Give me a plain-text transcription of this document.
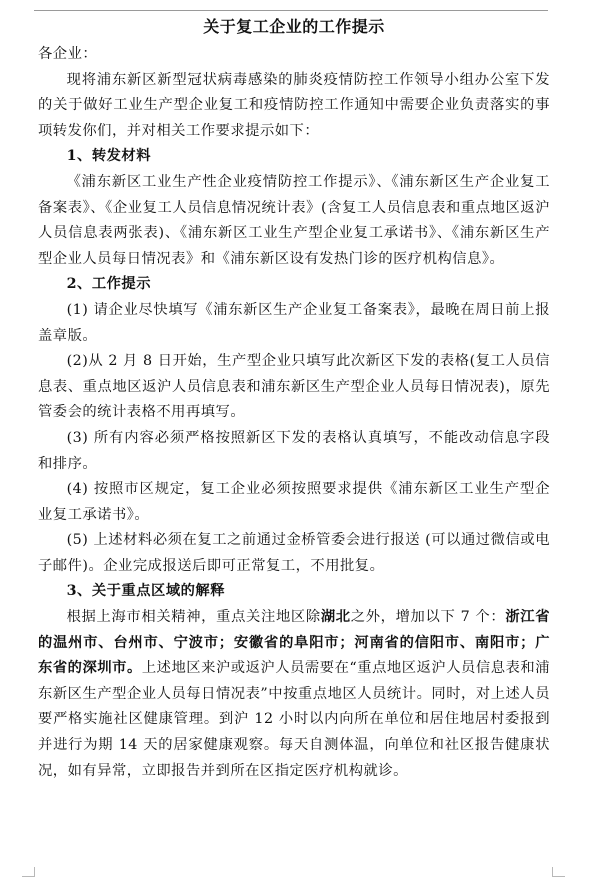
关于复工企业的工作提示

各企业：

现将浦东新区新型冠状病毒感染的肺炎疫情防控工作领导小组办公室下发的关于做好工业生产型企业复工和疫情防控工作通知中需要企业负责落实的事项转发你们，并对相关工作要求提示如下：

1、转发材料

《浦东新区工业生产性企业疫情防控工作提示》、《浦东新区生产企业复工备案表》、《企业复工人员信息情况统计表》(含复工人员信息表和重点地区返沪人员信息表两张表)、《浦东新区工业生产型企业复工承诺书》、《浦东新区生产型企业人员每日情况表》和《浦东新区设有发热门诊的医疗机构信息》。

2、工作提示

(1) 请企业尽快填写《浦东新区生产企业复工备案表》，最晚在周日前上报盖章版。

(2)从 2 月 8 日开始，生产型企业只填写此次新区下发的表格(复工人员信息表、重点地区返沪人员信息表和浦东新区生产型企业人员每日情况表)，原先管委会的统计表格不用再填写。

(3) 所有内容必须严格按照新区下发的表格认真填写，不能改动信息字段和排序。

(4) 按照市区规定，复工企业必须按照要求提供《浦东新区工业生产型企业复工承诺书》。

(5) 上述材料必须在复工之前通过金桥管委会进行报送 (可以通过微信或电子邮件)。企业完成报送后即可正常复工，不用批复。

3、关于重点区域的解释

根据上海市相关精神，重点关注地区除湖北之外，增加以下 7 个：浙江省的温州市、台州市、宁波市；安徽省的阜阳市；河南省的信阳市、南阳市；广东省的深圳市。上述地区来沪或返沪人员需要在“重点地区返沪人员信息表和浦东新区生产型企业人员每日情况表”中按重点地区人员统计。同时，对上述人员要严格实施社区健康管理。到沪 12 小时以内向所在单位和居住地居村委报到并进行为期 14 天的居家健康观察。每天自测体温，向单位和社区报告健康状况，如有异常，立即报告并到所在区指定医疗机构就诊。
